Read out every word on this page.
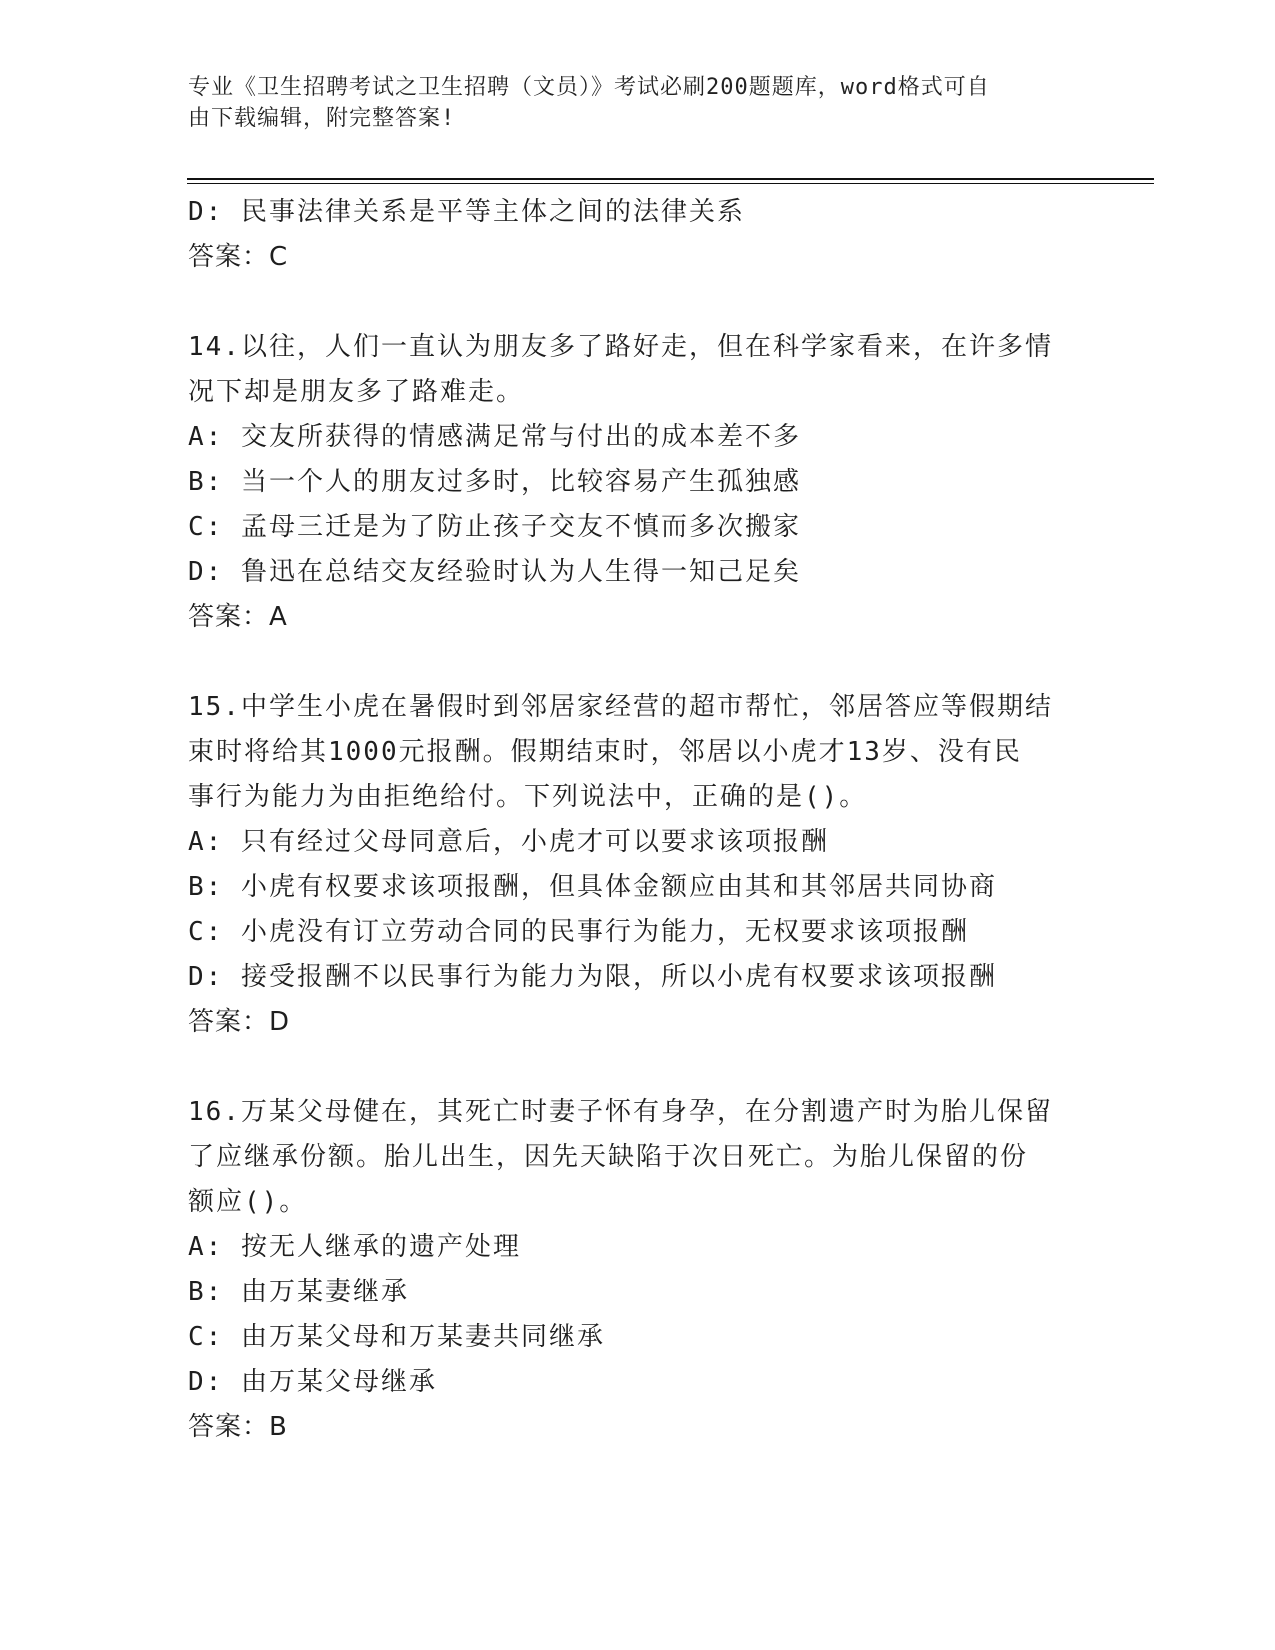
专业《卫生招聘考试之卫生招聘（文员）》考试必刷200题题库，word格式可自
由下载编辑，附完整答案!
D: 民事法律关系是平等主体之间的法律关系
答案：C
14.以往，人们一直认为朋友多了路好走，但在科学家看来，在许多情
况下却是朋友多了路难走。
A: 交友所获得的情感满足常与付出的成本差不多
B: 当一个人的朋友过多时，比较容易产生孤独感
C: 孟母三迁是为了防止孩子交友不慎而多次搬家
D: 鲁迅在总结交友经验时认为人生得一知己足矣
答案：A
15.中学生小虎在暑假时到邻居家经营的超市帮忙，邻居答应等假期结
束时将给其1000元报酬。假期结束时，邻居以小虎才13岁、没有民
事行为能力为由拒绝给付。下列说法中，正确的是()。
A: 只有经过父母同意后，小虎才可以要求该项报酬
B: 小虎有权要求该项报酬，但具体金额应由其和其邻居共同协商
C: 小虎没有订立劳动合同的民事行为能力，无权要求该项报酬
D: 接受报酬不以民事行为能力为限，所以小虎有权要求该项报酬
答案：D
16.万某父母健在，其死亡时妻子怀有身孕，在分割遗产时为胎儿保留
了应继承份额。胎儿出生，因先天缺陷于次日死亡。为胎儿保留的份
额应()。
A: 按无人继承的遗产处理
B: 由万某妻继承
C: 由万某父母和万某妻共同继承
D: 由万某父母继承
答案：B
